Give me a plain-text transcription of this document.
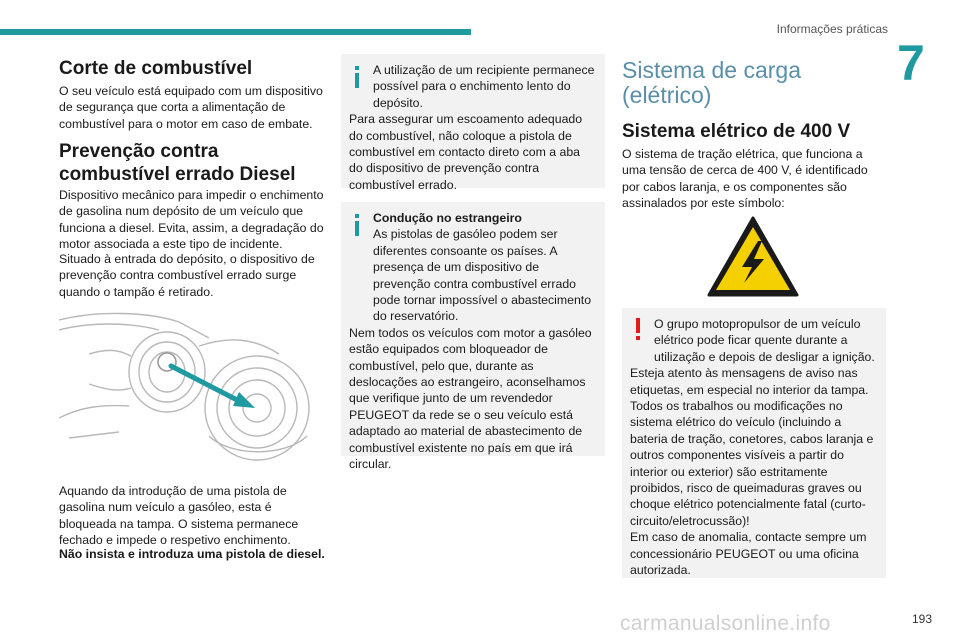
Informações práticas
7
Corte de combustível

O seu veículo está equipado com um dispositivo de segurança que corta a alimentação de combustível para o motor em caso de embate.

Prevenção contra combustível errado Diesel

Dispositivo mecânico para impedir o enchimento de gasolina num depósito de um veículo que funciona a diesel. Evita, assim, a degradação do motor associada a este tipo de incidente.

Situado à entrada do depósito, o dispositivo de prevenção contra combustível errado surge quando o tampão é retirado.

Aquando da introdução de uma pistola de gasolina num veículo a gasóleo, esta é bloqueada na tampa. O sistema permanece fechado e impede o respetivo enchimento.

Não insista e introduza uma pistola de diesel.

A utilização de um recipiente permanece possível para o enchimento lento do depósito.

Para assegurar um escoamento adequado do combustível, não coloque a pistola de combustível em contacto direto com a aba do dispositivo de prevenção contra combustível errado.

Condução no estrangeiro

As pistolas de gasóleo podem ser diferentes consoante os países. A presença de um dispositivo de prevenção contra combustível errado pode tornar impossível o abastecimento do reservatório.

Nem todos os veículos com motor a gasóleo estão equipados com bloqueador de combustível, pelo que, durante as deslocações ao estrangeiro, aconselhamos que verifique junto de um revendedor PEUGEOT da rede se o seu veículo está adaptado ao material de abastecimento de combustível existente no país em que irá circular.

Sistema de carga (elétrico)

Sistema elétrico de 400 V

O sistema de tração elétrica, que funciona a uma tensão de cerca de 400 V, é identificado por cabos laranja, e os componentes são assinalados por este símbolo:

O grupo motopropulsor de um veículo elétrico pode ficar quente durante a utilização e depois de desligar a ignição.

Esteja atento às mensagens de aviso nas etiquetas, em especial no interior da tampa.

Todos os trabalhos ou modificações no sistema elétrico do veículo (incluindo a bateria de tração, conetores, cabos laranja e outros componentes visíveis a partir do interior ou exterior) são estritamente proibidos, risco de queimaduras graves ou choque elétrico potencialmente fatal (curto-circuito/eletrocussão)!

Em caso de anomalia, contacte sempre um concessionário PEUGEOT ou uma oficina autorizada.

carmanualsonline.info	193
